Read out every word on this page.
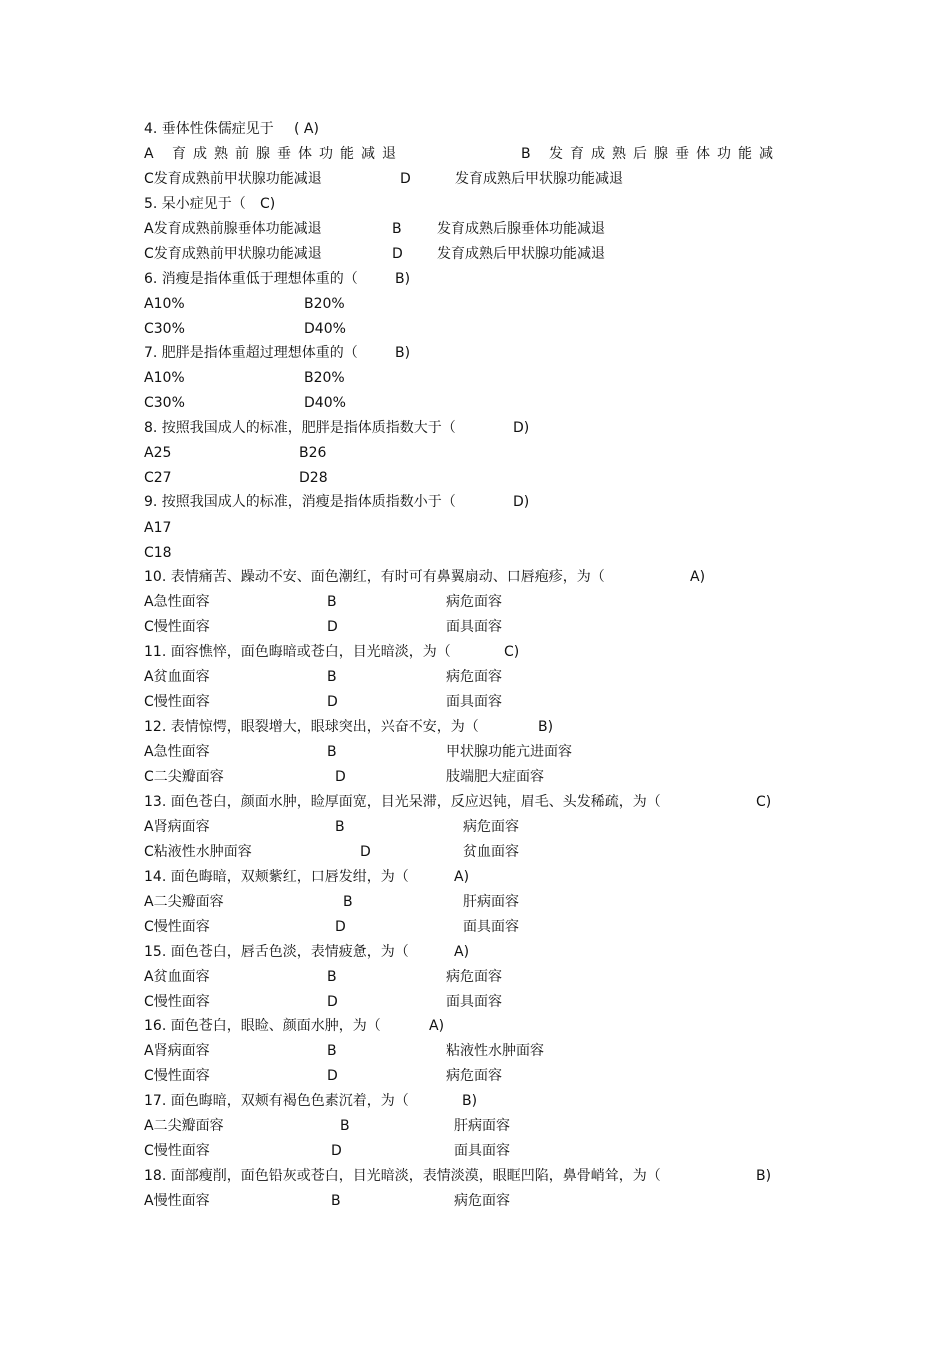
4. 垂体性侏儒症见于 ( A)
A 育成熟前腺垂体功能减退	B 发育成熟后腺垂体功能减
C发育成熟前甲状腺功能减退	D	发育成熟后甲状腺功能减退
5. 呆小症见于（ C)
A发育成熟前腺垂体功能减退	B	发育成熟后腺垂体功能减退
C发育成熟前甲状腺功能减退	D 发育成熟后甲状腺功能减退
6. 消瘦是指体重低于理想体重的（	B)
A10%	B20%
C30%	D40%
7. 肥胖是指体重超过理想体重的（	B)
A10%	B20%
C30%	D40%
8. 按照我国成人的标准，肥胖是指体质指数大于（	D)
A25	B26
C27	D28
9. 按照我国成人的标准，消瘦是指体质指数小于（	D)
A17
C18
10. 表情痛苦、躁动不安、面色潮红，有时可有鼻翼扇动、口唇疱疹，为（	A)
A急性面容	B	病危面容
C慢性面容	D	面具面容
11. 面容憔悴，面色晦暗或苍白，目光暗淡，为（	C)
A贫血面容	B	病危面容
C慢性面容	D	面具面容
12. 表情惊愕，眼裂增大，眼球突出，兴奋不安，为（	B)
A急性面容	B	甲状腺功能亢进面容
C二尖瓣面容	D	肢端肥大症面容
13. 面色苍白，颜面水肿，睑厚面宽，目光呆滞，反应迟钝，眉毛、头发稀疏，为（	C)
A肾病面容	B	病危面容
C粘液性水肿面容	D	贫血面容
14. 面色晦暗，双颊紫红，口唇发绀，为（	A)
A二尖瓣面容	B	肝病面容
C慢性面容	D	面具面容
15. 面色苍白，唇舌色淡，表情疲惫，为（	A)
A贫血面容	B	病危面容
C慢性面容	D	面具面容
16. 面色苍白，眼睑、颜面水肿，为（	A)
A肾病面容	B	粘液性水肿面容
C慢性面容	D	病危面容
17. 面色晦暗，双颊有褐色色素沉着，为（	B)
A二尖瓣面容	B	肝病面容
C慢性面容	D	面具面容
18. 面部瘦削，面色铅灰或苍白，目光暗淡，表情淡漠，眼眶凹陷，鼻骨峭耸，为（	B)
A慢性面容	B	病危面容
